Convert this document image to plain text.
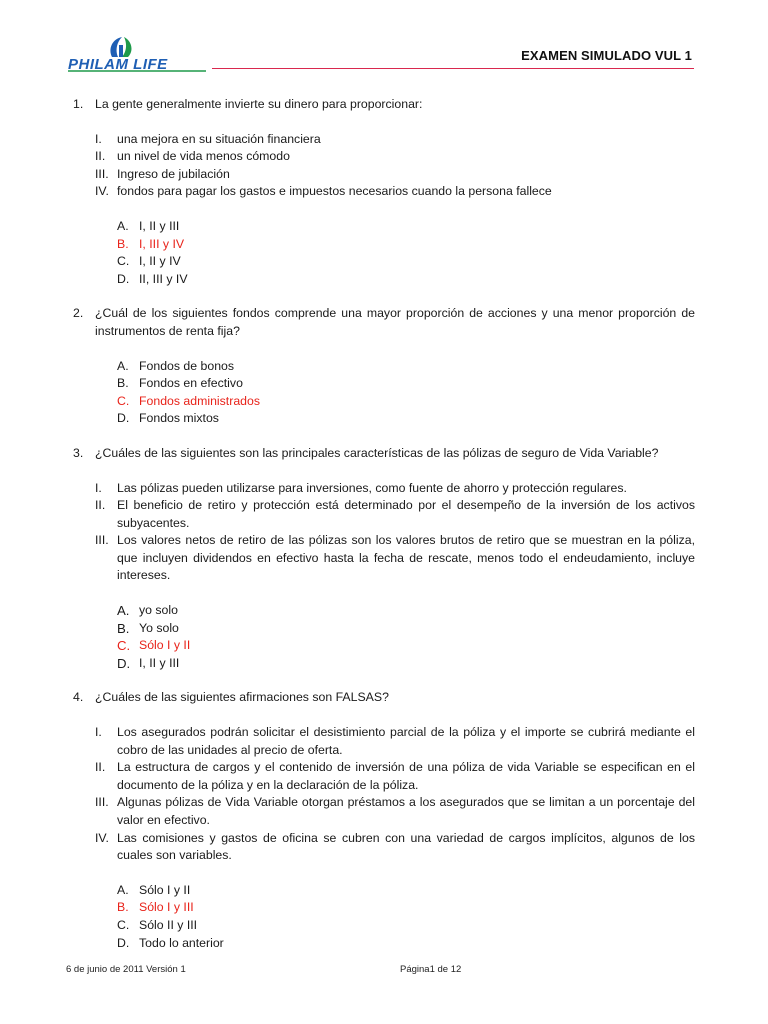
PHILAM LIFE
EXAMEN SIMULADO VUL 1
1. La gente generalmente invierte su dinero para proporcionar:
I.	una mejora en su situación financiera
II. un nivel de vida menos cómodo
III. Ingreso de jubilación
IV. fondos para pagar los gastos e impuestos necesarios cuando la persona fallece
A. I, II y III
B. I, III y IV
C. I, II y IV
D. II, III y IV
2. ¿Cuál de los siguientes fondos comprende una mayor proporción de acciones y una menor proporción de instrumentos de renta fija?
A. Fondos de bonos
B. Fondos en efectivo
C. Fondos administrados
D. Fondos mixtos
3. ¿Cuáles de las siguientes son las principales características de las pólizas de seguro de Vida Variable?
I.	Las pólizas pueden utilizarse para inversiones, como fuente de ahorro y protección regulares.
II. El beneficio de retiro y protección está determinado por el desempeño de la inversión de los activos subyacentes.
III. Los valores netos de retiro de las pólizas son los valores brutos de retiro que se muestran en la póliza, que incluyen dividendos en efectivo hasta la fecha de rescate, menos todo el endeudamiento, incluye intereses.
A. yo solo
B. Yo solo
C. Sólo I y II
D. I, II y III
4. ¿Cuáles de las siguientes afirmaciones son FALSAS?
I.	Los asegurados podrán solicitar el desistimiento parcial de la póliza y el importe se cubrirá mediante el cobro de las unidades al precio de oferta.
II. La estructura de cargos y el contenido de inversión de una póliza de vida Variable se especifican en el documento de la póliza y en la declaración de la póliza.
III. Algunas pólizas de Vida Variable otorgan préstamos a los asegurados que se limitan a un porcentaje del valor en efectivo.
IV. Las comisiones y gastos de oficina se cubren con una variedad de cargos implícitos, algunos de los cuales son variables.
A. Sólo I y II
B. Sólo I y III
C. Sólo II y III
D. Todo lo anterior
6 de junio de 2011 Versión 1	Página1 de 12
